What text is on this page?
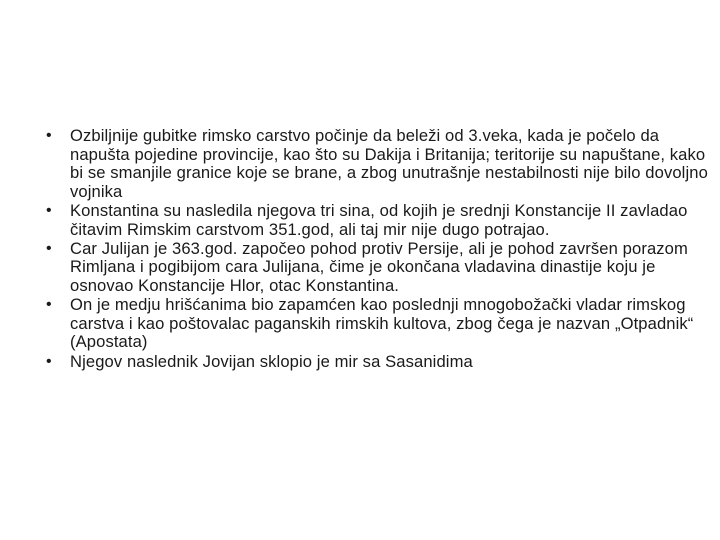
•	Ozbiljnije gubitke rimsko carstvo počinje da beleži od 3.veka, kada je počelo da napušta pojedine provincije, kao što su Dakija i Britanija; teritorije su napuštane, kako bi se smanjile granice koje se brane, a zbog unutrašnje nestabilnosti nije bilo dovoljno vojnika
•	Konstantina su nasledila njegova tri sina, od kojih je srednji Konstancije II zavladao čitavim Rimskim carstvom 351.god, ali taj mir nije dugo potrajao.
•	Car Julijan je 363.god. započeo pohod protiv Persije, ali je pohod završen porazom Rimljana i pogibijom cara Julijana, čime je okončana vladavina dinastije koju je osnovao Konstancije Hlor, otac Konstantina.
•	On je medju hrišćanima bio zapamćen kao poslednji mnogobožački vladar rimskog carstva i kao poštovalac paganskih rimskih kultova, zbog čega je nazvan „Otpadnik“ (Apostata)
•	Njegov naslednik Jovijan sklopio je mir sa Sasanidima
